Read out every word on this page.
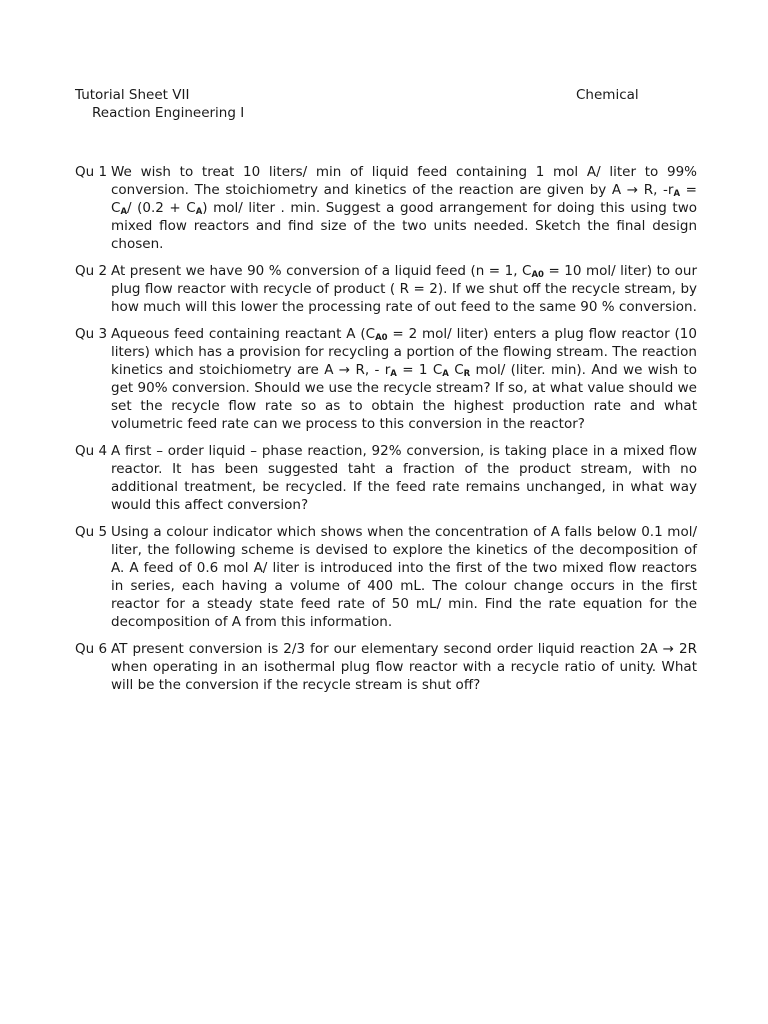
Tutorial Sheet VII	Chemical
Reaction Engineering I
Qu 1 We wish to treat 10 liters/ min of liquid feed containing 1 mol A/ liter to 99% conversion. The stoichiometry and kinetics of the reaction are given by A → R, $-r_A = C_A/$ $(0.2 + C_A)$ mol/ liter . min. Suggest a good arrangement for doing this using two mixed flow reactors and find size of the two units needed. Sketch the final design chosen.
Qu 2 At present we have 90 % conversion of a liquid feed (n = 1, $C_{A0} = 10$ mol/ liter) to our plug flow reactor with recycle of product ( R = 2). If we shut off the recycle stream, by how much will this lower the processing rate of out feed to the same 90 % conversion.
Qu 3 Aqueous feed containing reactant A ($C_{A0} = 2$ mol/ liter) enters a plug flow reactor (10 liters) which has a provision for recycling a portion of the flowing stream. The reaction kinetics and stoichiometry are A → R, - $r_A = 1$ $C_A$ $C_R$ mol/ (liter. min). And we wish to get 90% conversion. Should we use the recycle stream? If so, at what value should we set the recycle flow rate so as to obtain the highest production rate and what volumetric feed rate can we process to this conversion in the reactor?
Qu 4 A first – order liquid – phase reaction, 92% conversion, is taking place in a mixed flow reactor. It has been suggested taht a fraction of the product stream, with no additional treatment, be recycled. If the feed rate remains unchanged, in what way would this affect conversion?
Qu 5 Using a colour indicator which shows when the concentration of A falls below 0.1 mol/ liter, the following scheme is devised to explore the kinetics of the decomposition of A. A feed of 0.6 mol A/ liter is introduced into the first of the two mixed flow reactors in series, each having a volume of 400 mL. The colour change occurs in the first reactor for a steady state feed rate of 50 mL/ min. Find the rate equation for the decomposition of A from this information.
Qu 6 AT present conversion is 2/3 for our elementary second order liquid reaction 2A → 2R when operating in an isothermal plug flow reactor with a recycle ratio of unity. What will be the conversion if the recycle stream is shut off?
